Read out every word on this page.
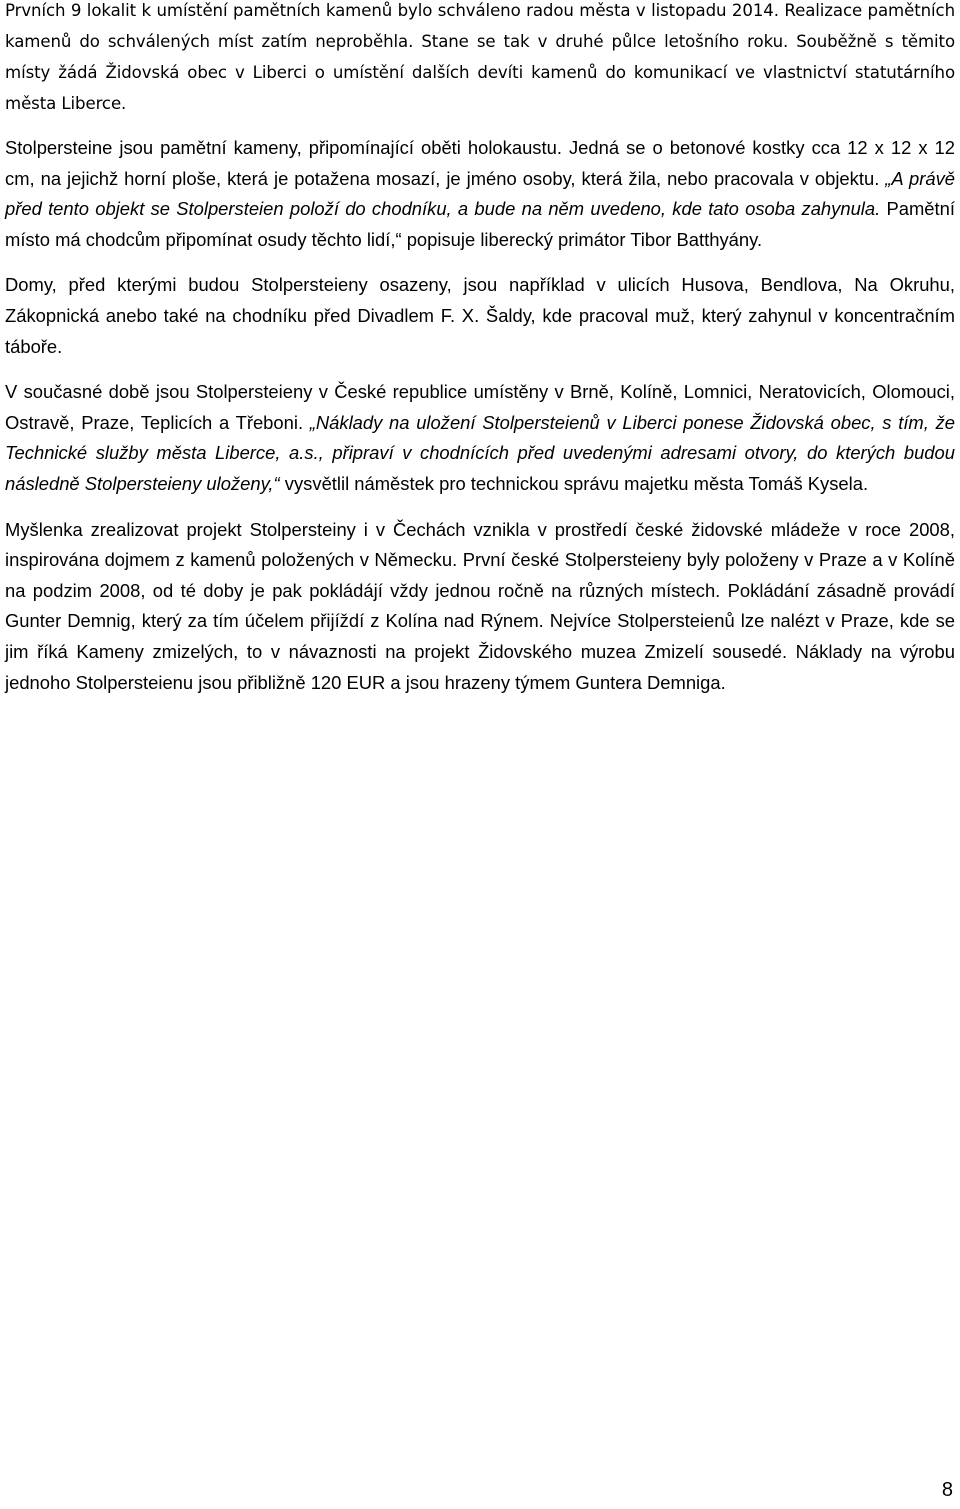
Prvních 9 lokalit k umístění pamětních kamenů bylo schváleno radou města v listopadu 2014. Realizace pamětních kamenů do schválených míst zatím neproběhla. Stane se tak v druhé půlce letošního roku. Souběžně s těmito místy žádá Židovská obec v Liberci o umístění dalších devíti kamenů do komunikací ve vlastnictví statutárního města Liberce.

Stolpersteine jsou pamětní kameny, připomínající oběti holokaustu. Jedná se o betonové kostky cca 12 x 12 x 12 cm, na jejichž horní ploše, která je potažena mosazí, je jméno osoby, která žila, nebo pracovala v objektu. „A právě před tento objekt se Stolpersteien položí do chodníku, a bude na něm uvedeno, kde tato osoba zahynula. Pamětní místo má chodcům připomínat osudy těchto lidí,“ popisuje liberecký primátor Tibor Batthyány.

Domy, před kterými budou Stolpersteieny osazeny, jsou například v ulicích Husova, Bendlova, Na Okruhu, Zákopnická anebo také na chodníku před Divadlem F. X. Šaldy, kde pracoval muž, který zahynul v koncentračním táboře.

V současné době jsou Stolpersteieny v České republice umístěny v Brně, Kolíně, Lomnici, Neratovicích, Olomouci, Ostravě, Praze, Teplicích a Třeboni. „Náklady na uložení Stolpersteienů v Liberci ponese Židovská obec, s tím, že Technické služby města Liberce, a.s., připraví v chodnících před uvedenými adresami otvory, do kterých budou následně Stolpersteieny uloženy,“ vysvětlil náměstek pro technickou správu majetku města Tomáš Kysela.

Myšlenka zrealizovat projekt Stolpersteiny i v Čechách vznikla v prostředí české židovské mládeže v roce 2008, inspirována dojmem z kamenů položených v Německu. První české Stolpersteieny byly položeny v Praze a v Kolíně na podzim 2008, od té doby je pak pokládájí vždy jednou ročně na různých místech. Pokládání zásadně provádí Gunter Demnig, který za tím účelem přijíždí z Kolína nad Rýnem. Nejvíce Stolpersteienů lze nalézt v Praze, kde se jim říká Kameny zmizelých, to v návaznosti na projekt Židovského muzea Zmizelí sousedé. Náklady na výrobu jednoho Stolpersteienu jsou přibližně 120 EUR a jsou hrazeny týmem Guntera Demniga.

8
